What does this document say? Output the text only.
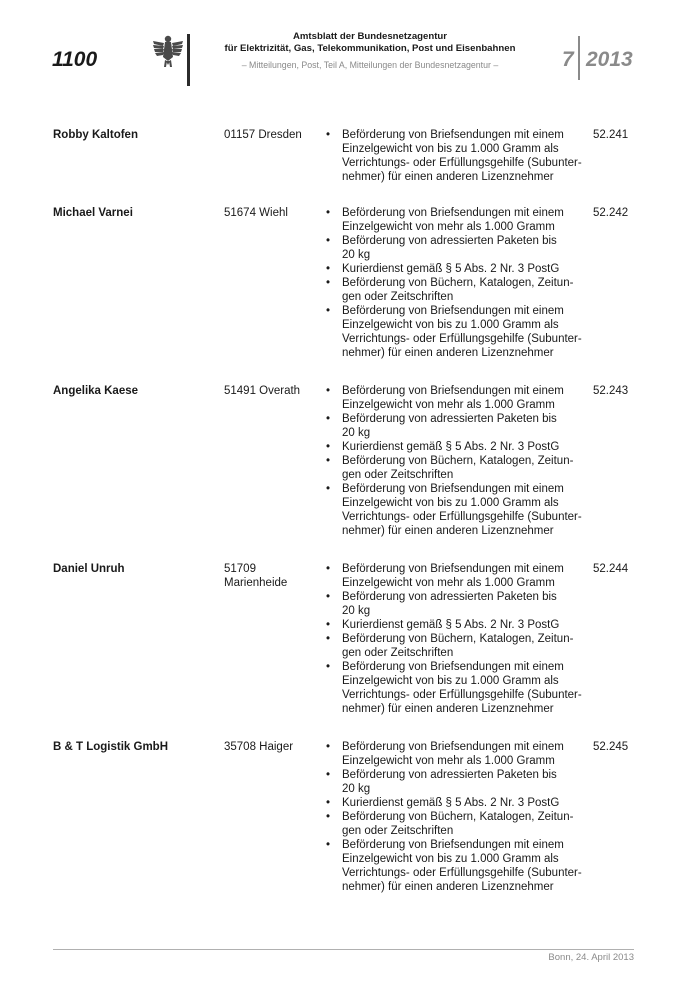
1100
Amtsblatt der Bundesnetzagentur
für Elektrizität, Gas, Telekommunikation, Post und Eisenbahnen
– Mitteilungen, Post, Teil A, Mitteilungen der Bundesnetzagentur –	7 2013
Robby Kaltofen	01157 Dresden	• Beförderung von Briefsendungen mit einem
Einzelgewicht von bis zu 1.000 Gramm als
Verrichtungs- oder Erfüllungsgehilfe (Subunter-
nehmer) für einen anderen Lizenznehmer
52.241
Michael Varnei	51674 Wiehl	• Beförderung von Briefsendungen mit einem
Einzelgewicht von mehr als 1.000 Gramm
• Beförderung von adressierten Paketen bis
20 kg
• Kurierdienst gemäß § 5 Abs. 2 Nr. 3 PostG
• Beförderung von Büchern, Katalogen, Zeitun-
gen oder Zeitschriften
• Beförderung von Briefsendungen mit einem
Einzelgewicht von bis zu 1.000 Gramm als
Verrichtungs- oder Erfüllungsgehilfe (Subunter-
nehmer) für einen anderen Lizenznehmer
52.242
Angelika Kaese	51491 Overath	• Beförderung von Briefsendungen mit einem
Einzelgewicht von mehr als 1.000 Gramm
• Beförderung von adressierten Paketen bis
20 kg
• Kurierdienst gemäß § 5 Abs. 2 Nr. 3 PostG
• Beförderung von Büchern, Katalogen, Zeitun-
gen oder Zeitschriften
• Beförderung von Briefsendungen mit einem
Einzelgewicht von bis zu 1.000 Gramm als
Verrichtungs- oder Erfüllungsgehilfe (Subunter-
nehmer) für einen anderen Lizenznehmer
52.243
Daniel Unruh	51709
Marienheide
• Beförderung von Briefsendungen mit einem
Einzelgewicht von mehr als 1.000 Gramm
• Beförderung von adressierten Paketen bis
20 kg
• Kurierdienst gemäß § 5 Abs. 2 Nr. 3 PostG
• Beförderung von Büchern, Katalogen, Zeitun-
gen oder Zeitschriften
• Beförderung von Briefsendungen mit einem
Einzelgewicht von bis zu 1.000 Gramm als
Verrichtungs- oder Erfüllungsgehilfe (Subunter-
nehmer) für einen anderen Lizenznehmer
52.244
B & T Logistik GmbH	35708 Haiger	• Beförderung von Briefsendungen mit einem
Einzelgewicht von mehr als 1.000 Gramm
• Beförderung von adressierten Paketen bis
20 kg
• Kurierdienst gemäß § 5 Abs. 2 Nr. 3 PostG
• Beförderung von Büchern, Katalogen, Zeitun-
gen oder Zeitschriften
• Beförderung von Briefsendungen mit einem
Einzelgewicht von bis zu 1.000 Gramm als
Verrichtungs- oder Erfüllungsgehilfe (Subunter-
nehmer) für einen anderen Lizenznehmer
52.245
Bonn, 24. April 2013
